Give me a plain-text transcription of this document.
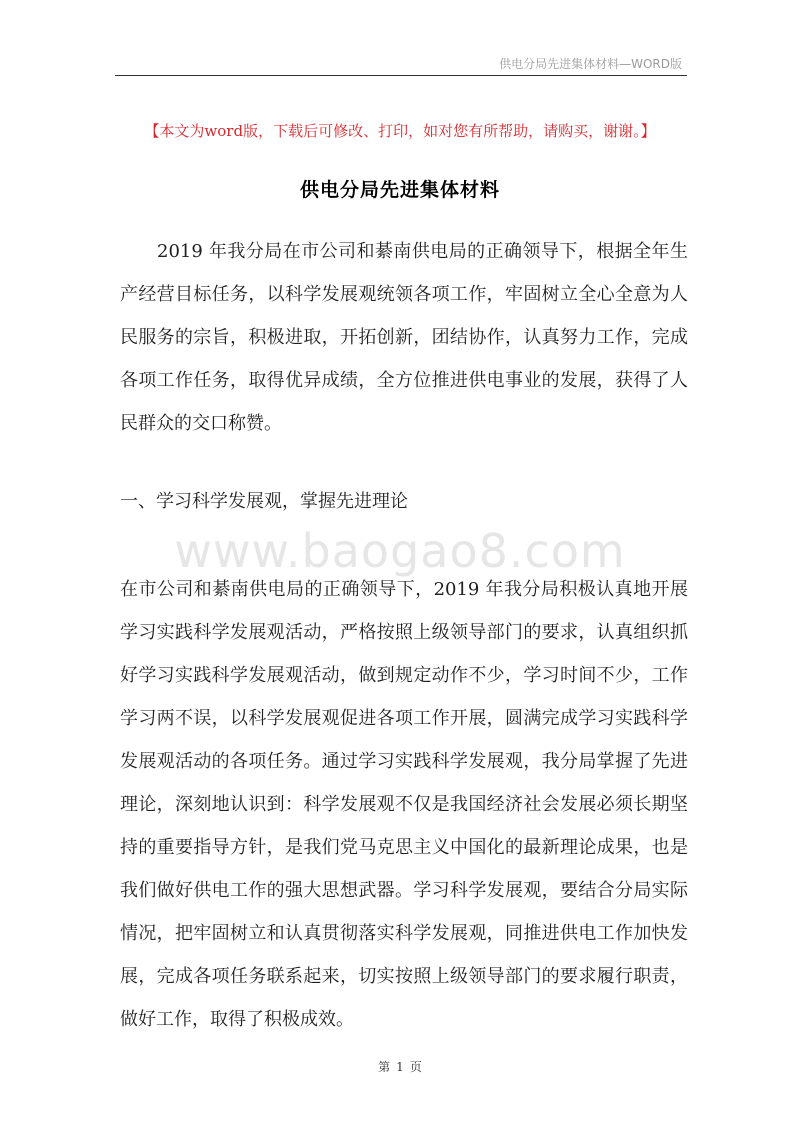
供电分局先进集体材料—WORD版
【本文为word版，下载后可修改、打印，如对您有所帮助，请购买，谢谢。】
供电分局先进集体材料
2019 年我分局在市公司和綦南供电局的正确领导下，根据全年生产经营目标任务，以科学发展观统领各项工作，牢固树立全心全意为人民服务的宗旨，积极进取，开拓创新，团结协作，认真努力工作，完成各项工作任务，取得优异成绩，全方位推进供电事业的发展，获得了人民群众的交口称赞。
一、学习科学发展观，掌握先进理论
www.baogao8.com
在市公司和綦南供电局的正确领导下，2019 年我分局积极认真地开展学习实践科学发展观活动，严格按照上级领导部门的要求，认真组织抓好学习实践科学发展观活动，做到规定动作不少，学习时间不少，工作学习两不误，以科学发展观促进各项工作开展，圆满完成学习实践科学发展观活动的各项任务。通过学习实践科学发展观，我分局掌握了先进理论，深刻地认识到：科学发展观不仅是我国经济社会发展必须长期坚持的重要指导方针，是我们党马克思主义中国化的最新理论成果，也是我们做好供电工作的强大思想武器。学习科学发展观，要结合分局实际情况，把牢固树立和认真贯彻落实科学发展观，同推进供电工作加快发展，完成各项任务联系起来，切实按照上级领导部门的要求履行职责，做好工作，取得了积极成效。
第 1 页
